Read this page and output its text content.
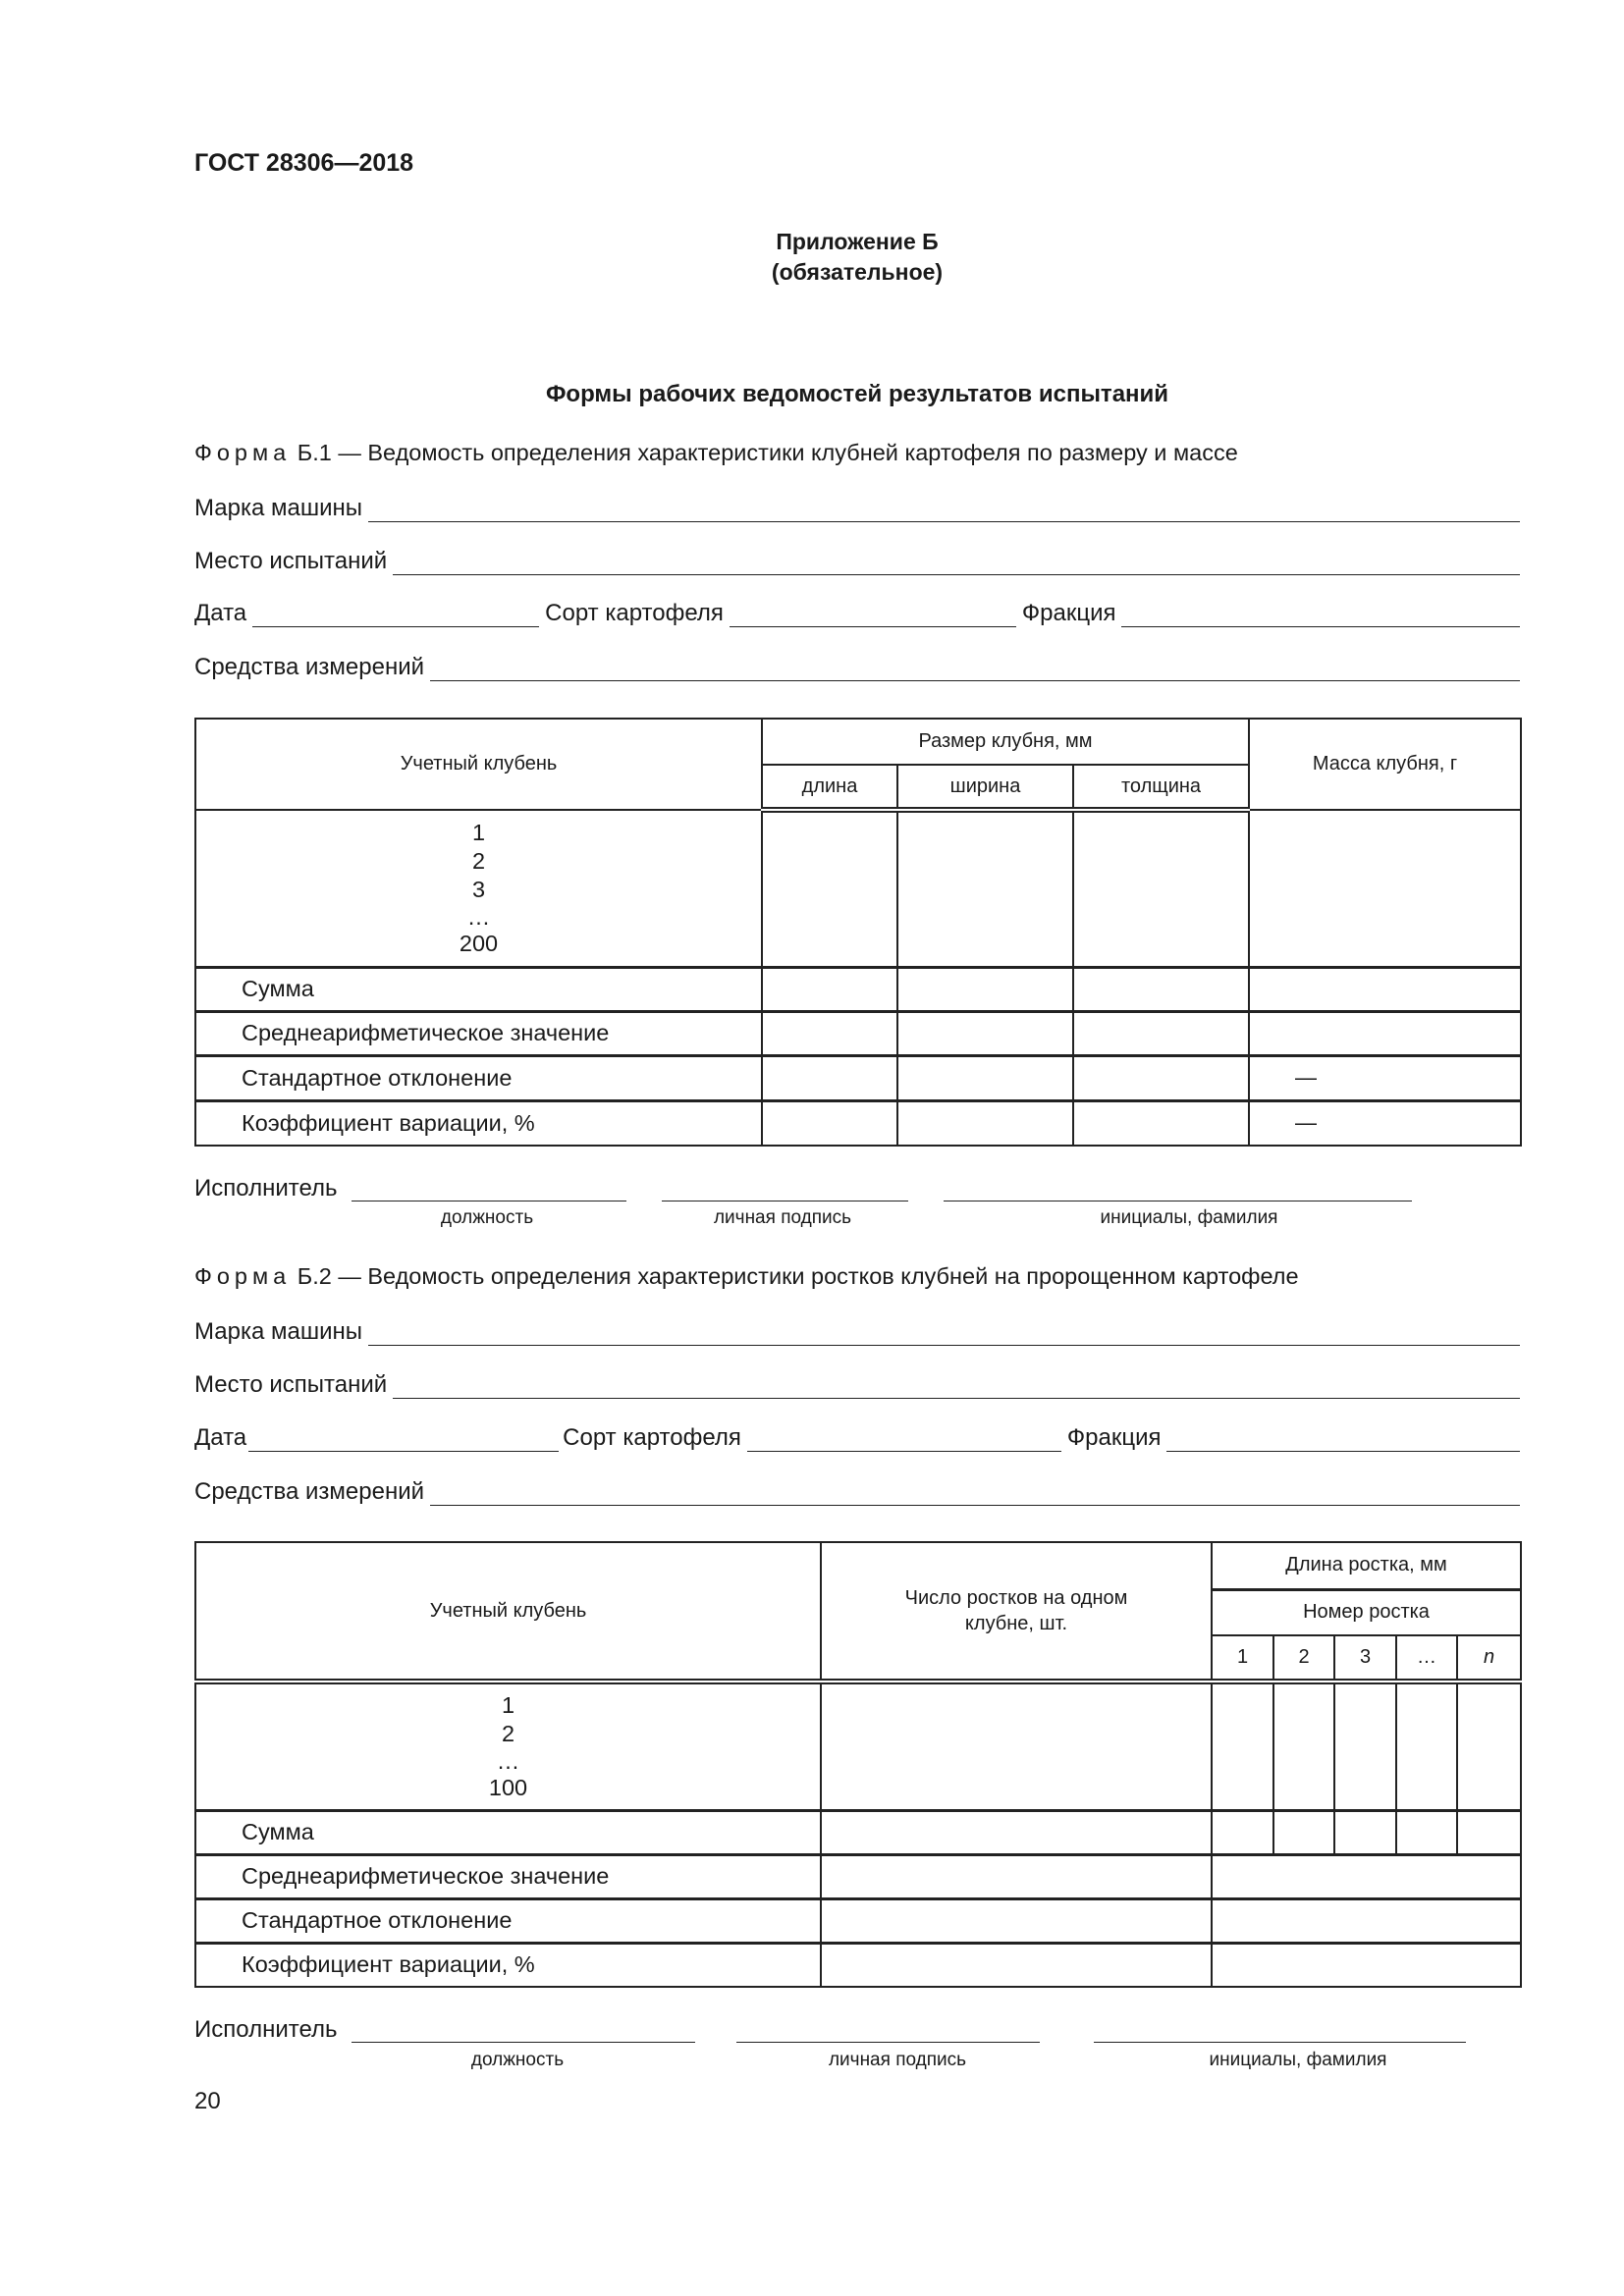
ГОСТ 28306—2018
Приложение Б
(обязательное)
Формы рабочих ведомостей результатов испытаний
Форма Б.1 — Ведомость определения характеристики клубней картофеля по размеру и массе
Марка машины
Место испытаний
Дата	Сорт картофеля	Фракция
Средства измерений
Учетный клубень	Размер клубня, мм			Масса клубня, г
	длина	ширина	толщина	

1
2
3
…
200				

Сумма				
Среднеарифметическое значение				
Стандартное отклонение				—
Коэффициент вариации, %				—
Исполнитель
должность	личная подпись	инициалы, фамилия
Форма Б.2 — Ведомость определения характеристики ростков клубней на пророщенном картофеле
Марка машины
Место испытаний
Дата	Сорт картофеля	Фракция
Средства измерений
Учетный клубень	Число ростков на одном клубне, шт.	Длина ростка, мм				
		Номер ростка				
		1	2	3	…	n

1
2
…
100						

Сумма						
Среднеарифметическое значение						
Стандартное отклонение						
Коэффициент вариации, %						
Исполнитель
должность	личная подпись	инициалы, фамилия
20
